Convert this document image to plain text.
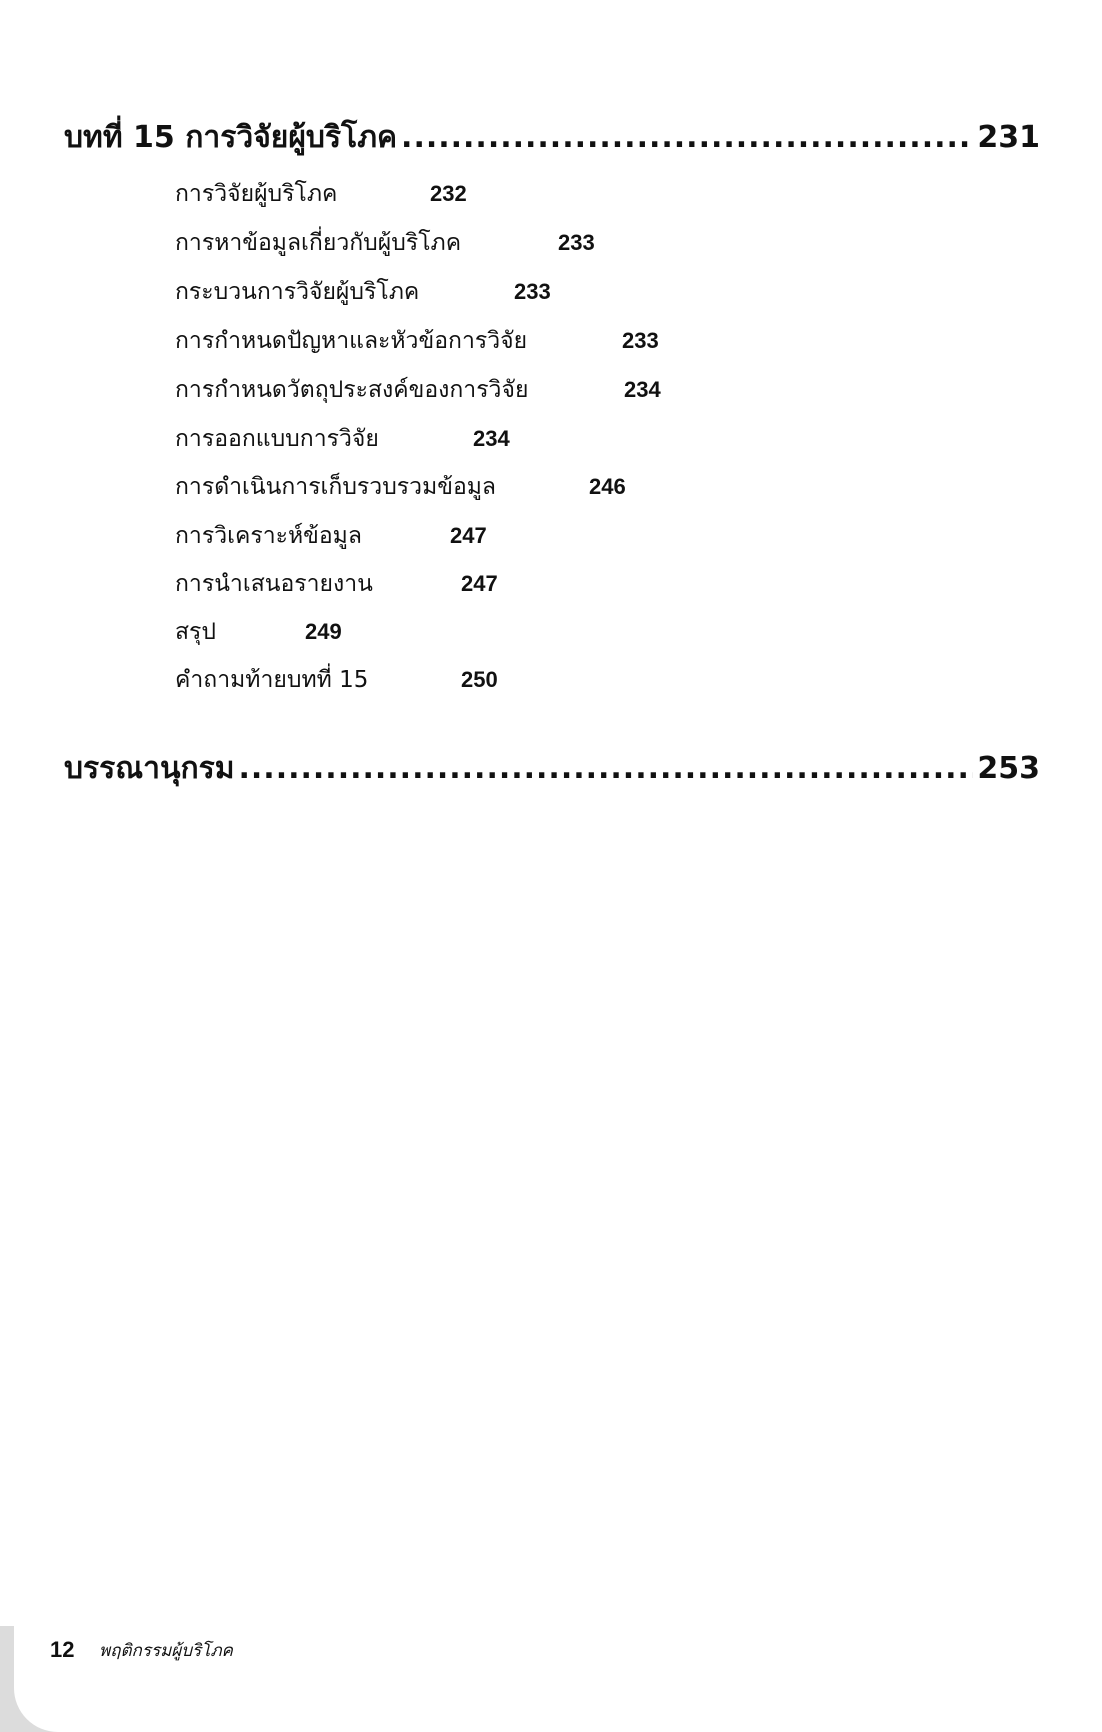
บทที่ 15 การวิจัยผู้บริโภค .....	231
การวิจัยผู้บริโภค	232
การหาข้อมูลเกี่ยวกับผู้บริโภค	233
กระบวนการวิจัยผู้บริโภค	233
การกำหนดปัญหาและหัวข้อการวิจัย	233
การกำหนดวัตถุประสงค์ของการวิจัย	234
การออกแบบการวิจัย	234
การดำเนินการเก็บรวบรวมข้อมูล	246
การวิเคราะห์ข้อมูล	247
การนำเสนอรายงาน	247
สรุป	249
คำถามท้ายบทที่ 15	250
บรรณานุกรม .....	253
12 พฤติกรรมผู้บริโภค
